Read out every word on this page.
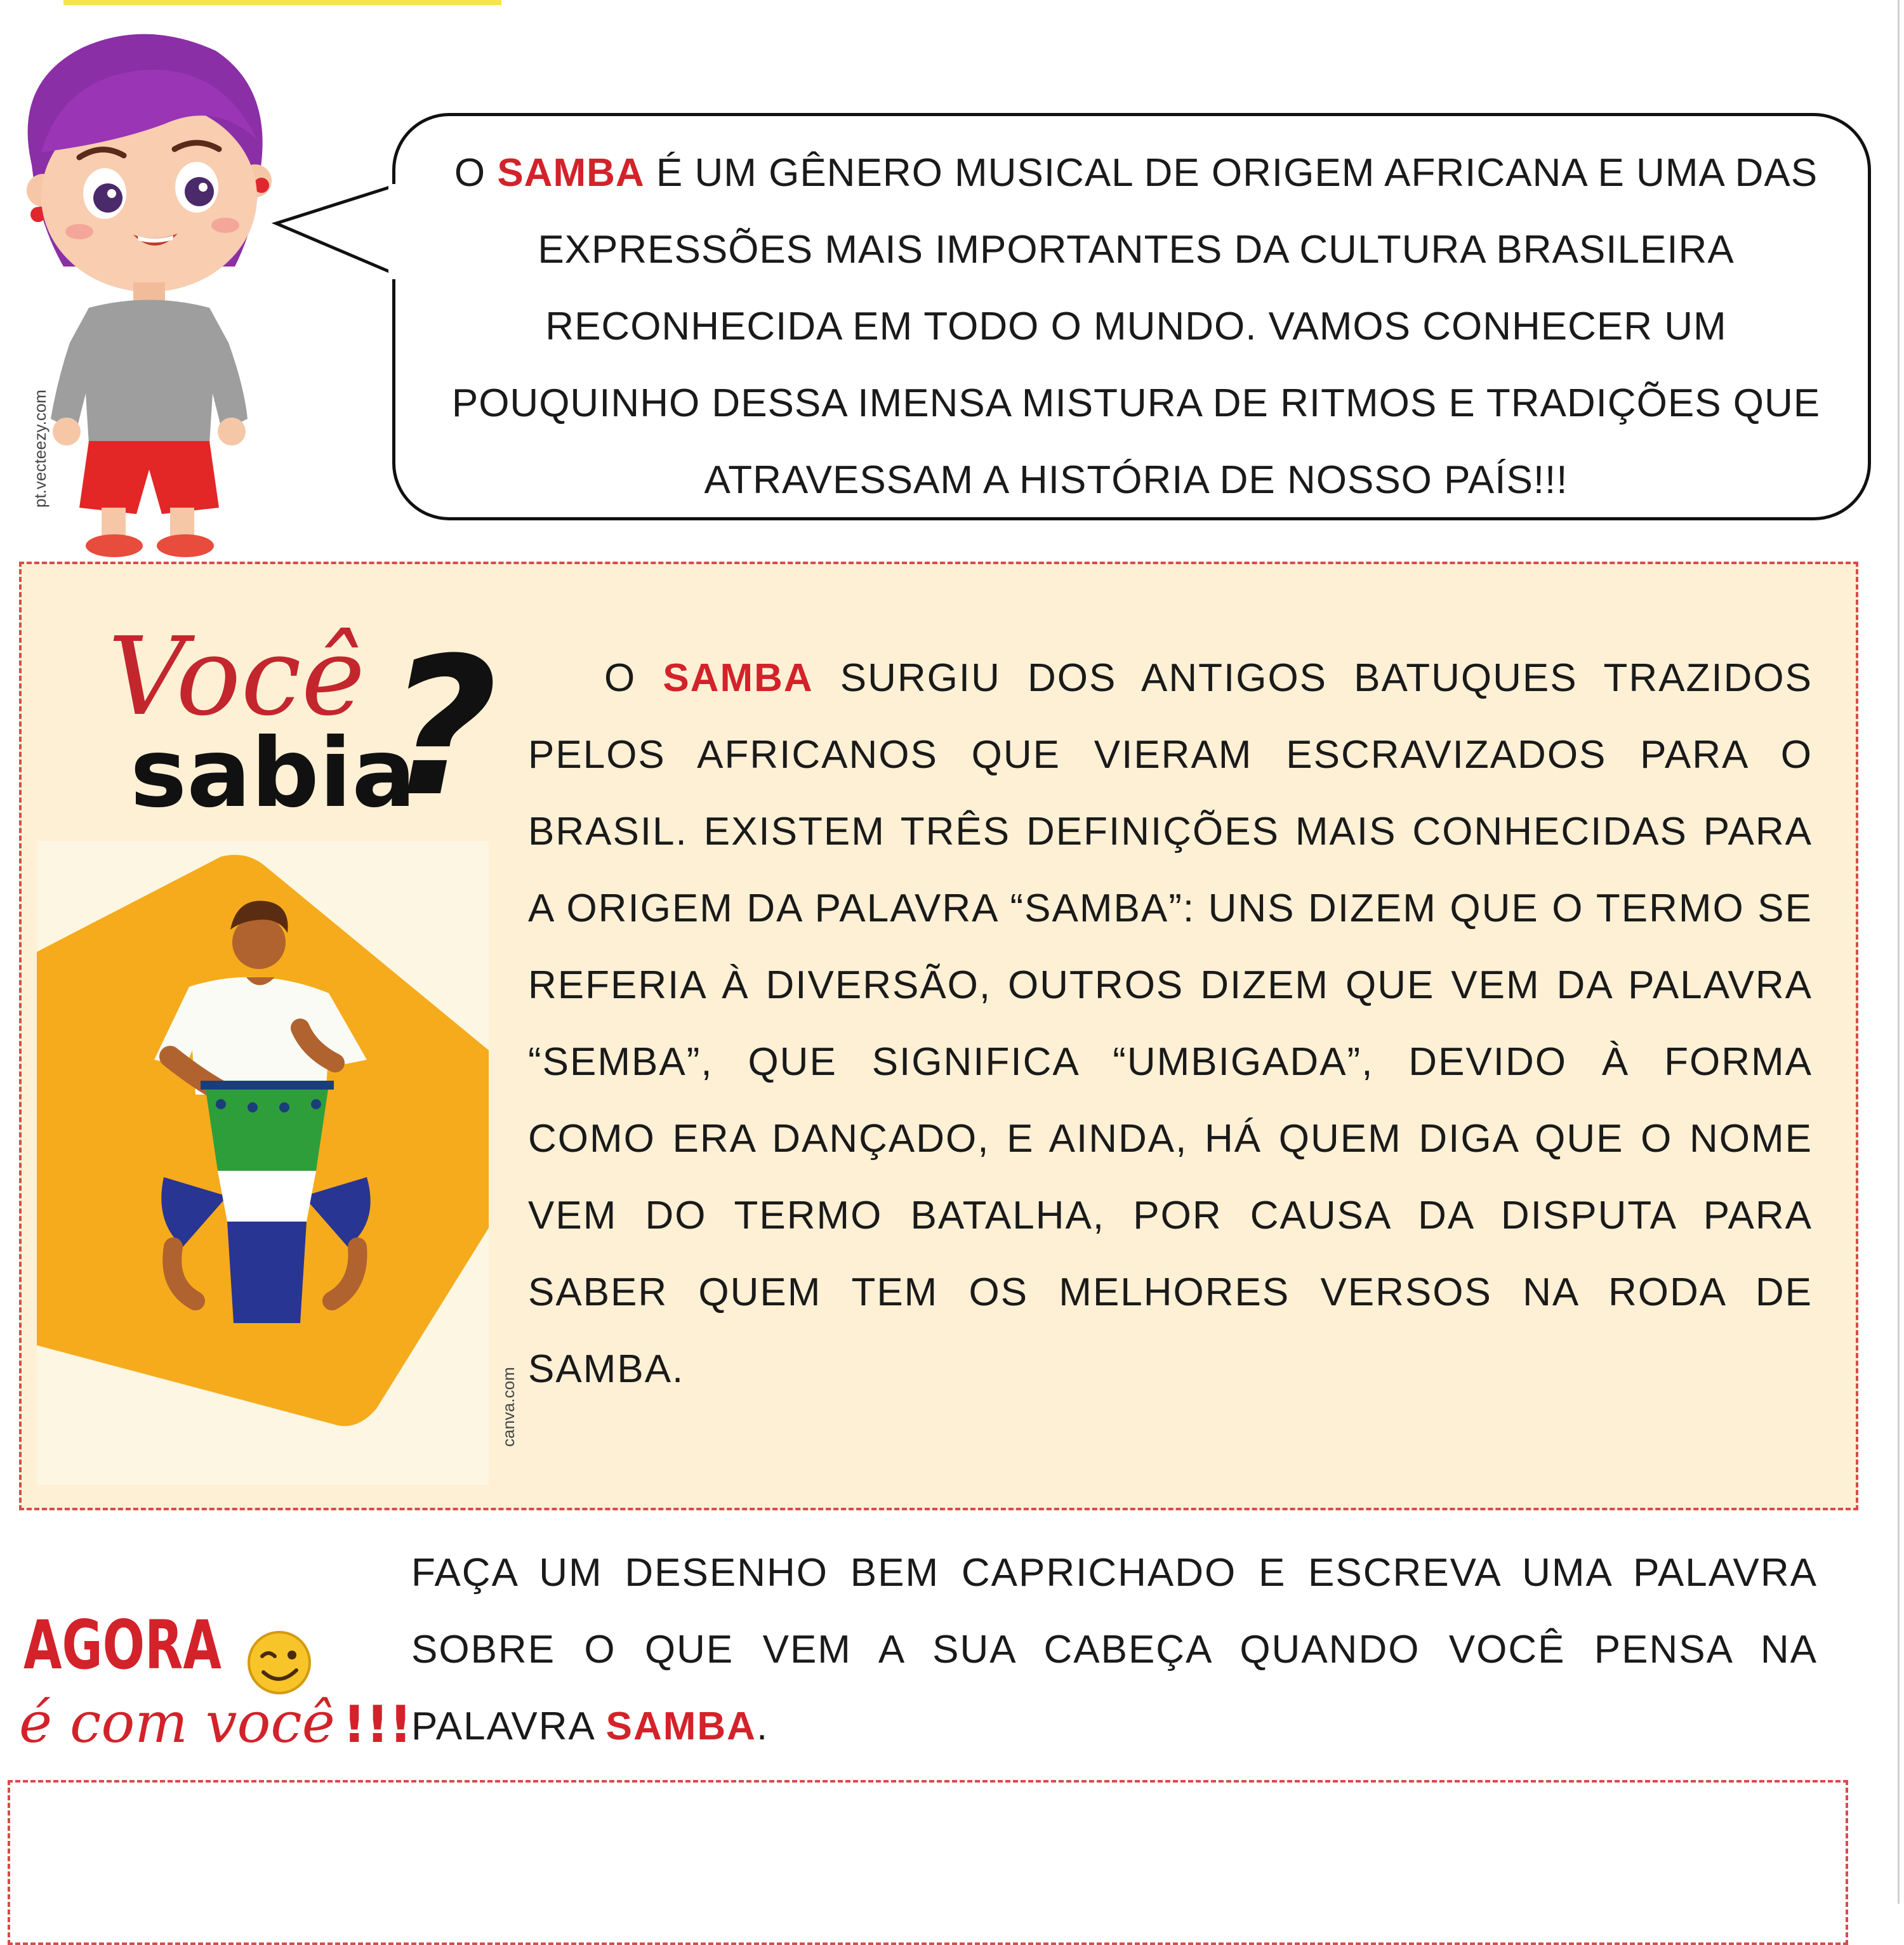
pt.vecteezy.com
O SAMBA É UM GÊNERO MUSICAL DE ORIGEM AFRICANA E UMA DAS EXPRESSÕES MAIS IMPORTANTES DA CULTURA BRASILEIRA RECONHECIDA EM TODO O MUNDO. VAMOS CONHECER UM POUQUINHO DESSA IMENSA MISTURA DE RITMOS E TRADIÇÕES QUE ATRAVESSAM A HISTÓRIA DE NOSSO PAÍS!!!
Você
sabia
?
canva.com
O SAMBA SURGIU DOS ANTIGOS BATUQUES TRAZIDOS PELOS AFRICANOS QUE VIERAM ESCRAVIZADOS PARA O BRASIL. EXISTEM TRÊS DEFINIÇÕES MAIS CONHECIDAS PARA A ORIGEM DA PALAVRA “SAMBA”: UNS DIZEM QUE O TERMO SE REFERIA À DIVERSÃO, OUTROS DIZEM QUE VEM DA PALAVRA “SEMBA”, QUE SIGNIFICA “UMBIGADA”, DEVIDO À FORMA COMO ERA DANÇADO, E AINDA, HÁ QUEM DIGA QUE O NOME VEM DO TERMO BATALHA, POR CAUSA DA DISPUTA PARA SABER QUEM TEM OS MELHORES VERSOS NA RODA DE SAMBA.
AGORA
é com você !!!
FAÇA UM DESENHO BEM CAPRICHADO E ESCREVA UMA PALAVRA SOBRE O QUE VEM A SUA CABEÇA QUANDO VOCÊ PENSA NA PALAVRA SAMBA.
